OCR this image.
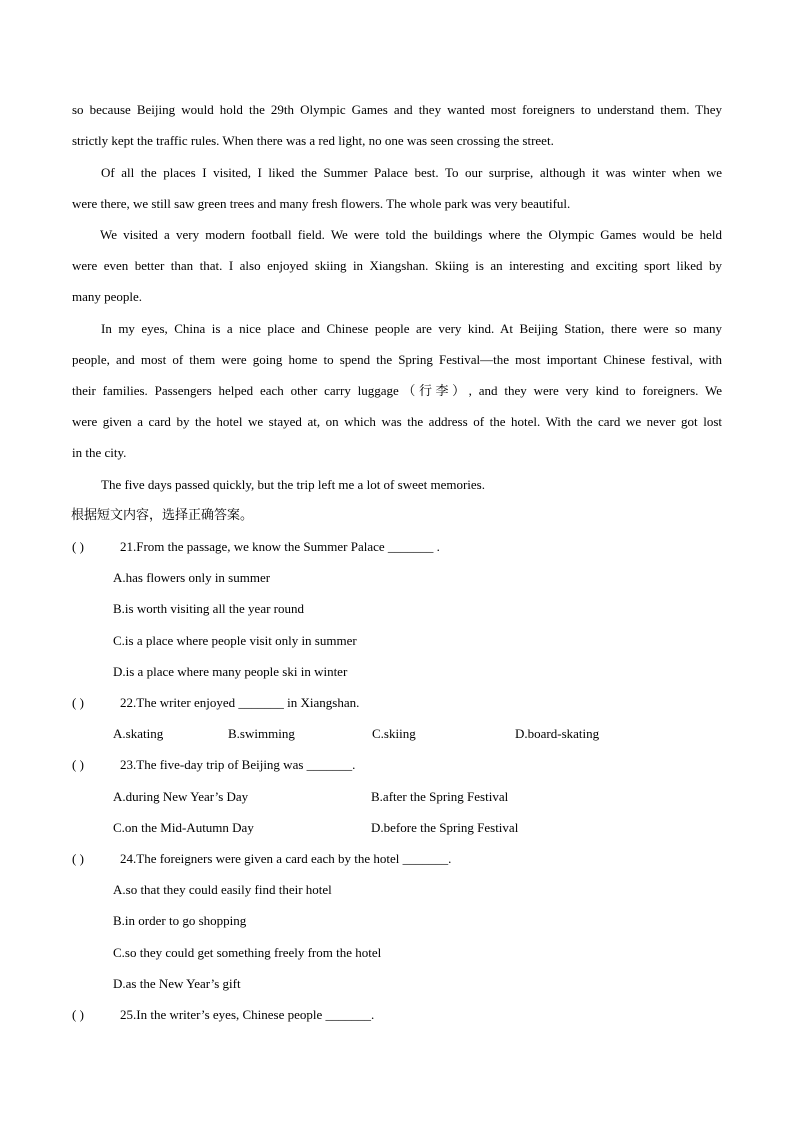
so because Beijing would hold the 29th Olympic Games and they wanted most foreigners to understand them. They
strictly kept the traffic rules. When there was a red light, no one was seen crossing the street.
Of all the places I visited, I liked the Summer Palace best. To our surprise, although it was winter when we
were there, we still saw green trees and many fresh flowers. The whole park was very beautiful.
We visited a very modern football field. We were told the buildings where the Olympic Games would be held
were even better than that. I also enjoyed skiing in Xiangshan. Skiing is an interesting and exciting sport liked by
many people.
In my eyes, China is a nice place and Chinese people are very kind. At Beijing Station, there were so many
people, and most of them were going home to spend the Spring Festival—the most important Chinese festival, with
their families. Passengers helped each other carry luggage（行李）, and they were very kind to foreigners. We
were given a card by the hotel we stayed at, on which was the address of the hotel. With the card we never got lost
in the city.
The five days passed quickly, but the trip left me a lot of sweet memories.
根据短文内容，选择正确答案。
( )	21.From the passage, we know the Summer Palace _______ .
A.has flowers only in summer
B.is worth visiting all the year round
C.is a place where people visit only in summer
D.is a place where many people ski in winter
( )	22.The writer enjoyed _______ in Xiangshan.
A.skating	B.swimming	C.skiing	D.board-skating
( )	23.The five-day trip of Beijing was _______.
A.during New Year’s Day	B.after the Spring Festival
C.on the Mid-Autumn Day	D.before the Spring Festival
( )	24.The foreigners were given a card each by the hotel _______.
A.so that they could easily find their hotel
B.in order to go shopping
C.so they could get something freely from the hotel
D.as the New Year’s gift
( )	25.In the writer’s eyes, Chinese people _______.
